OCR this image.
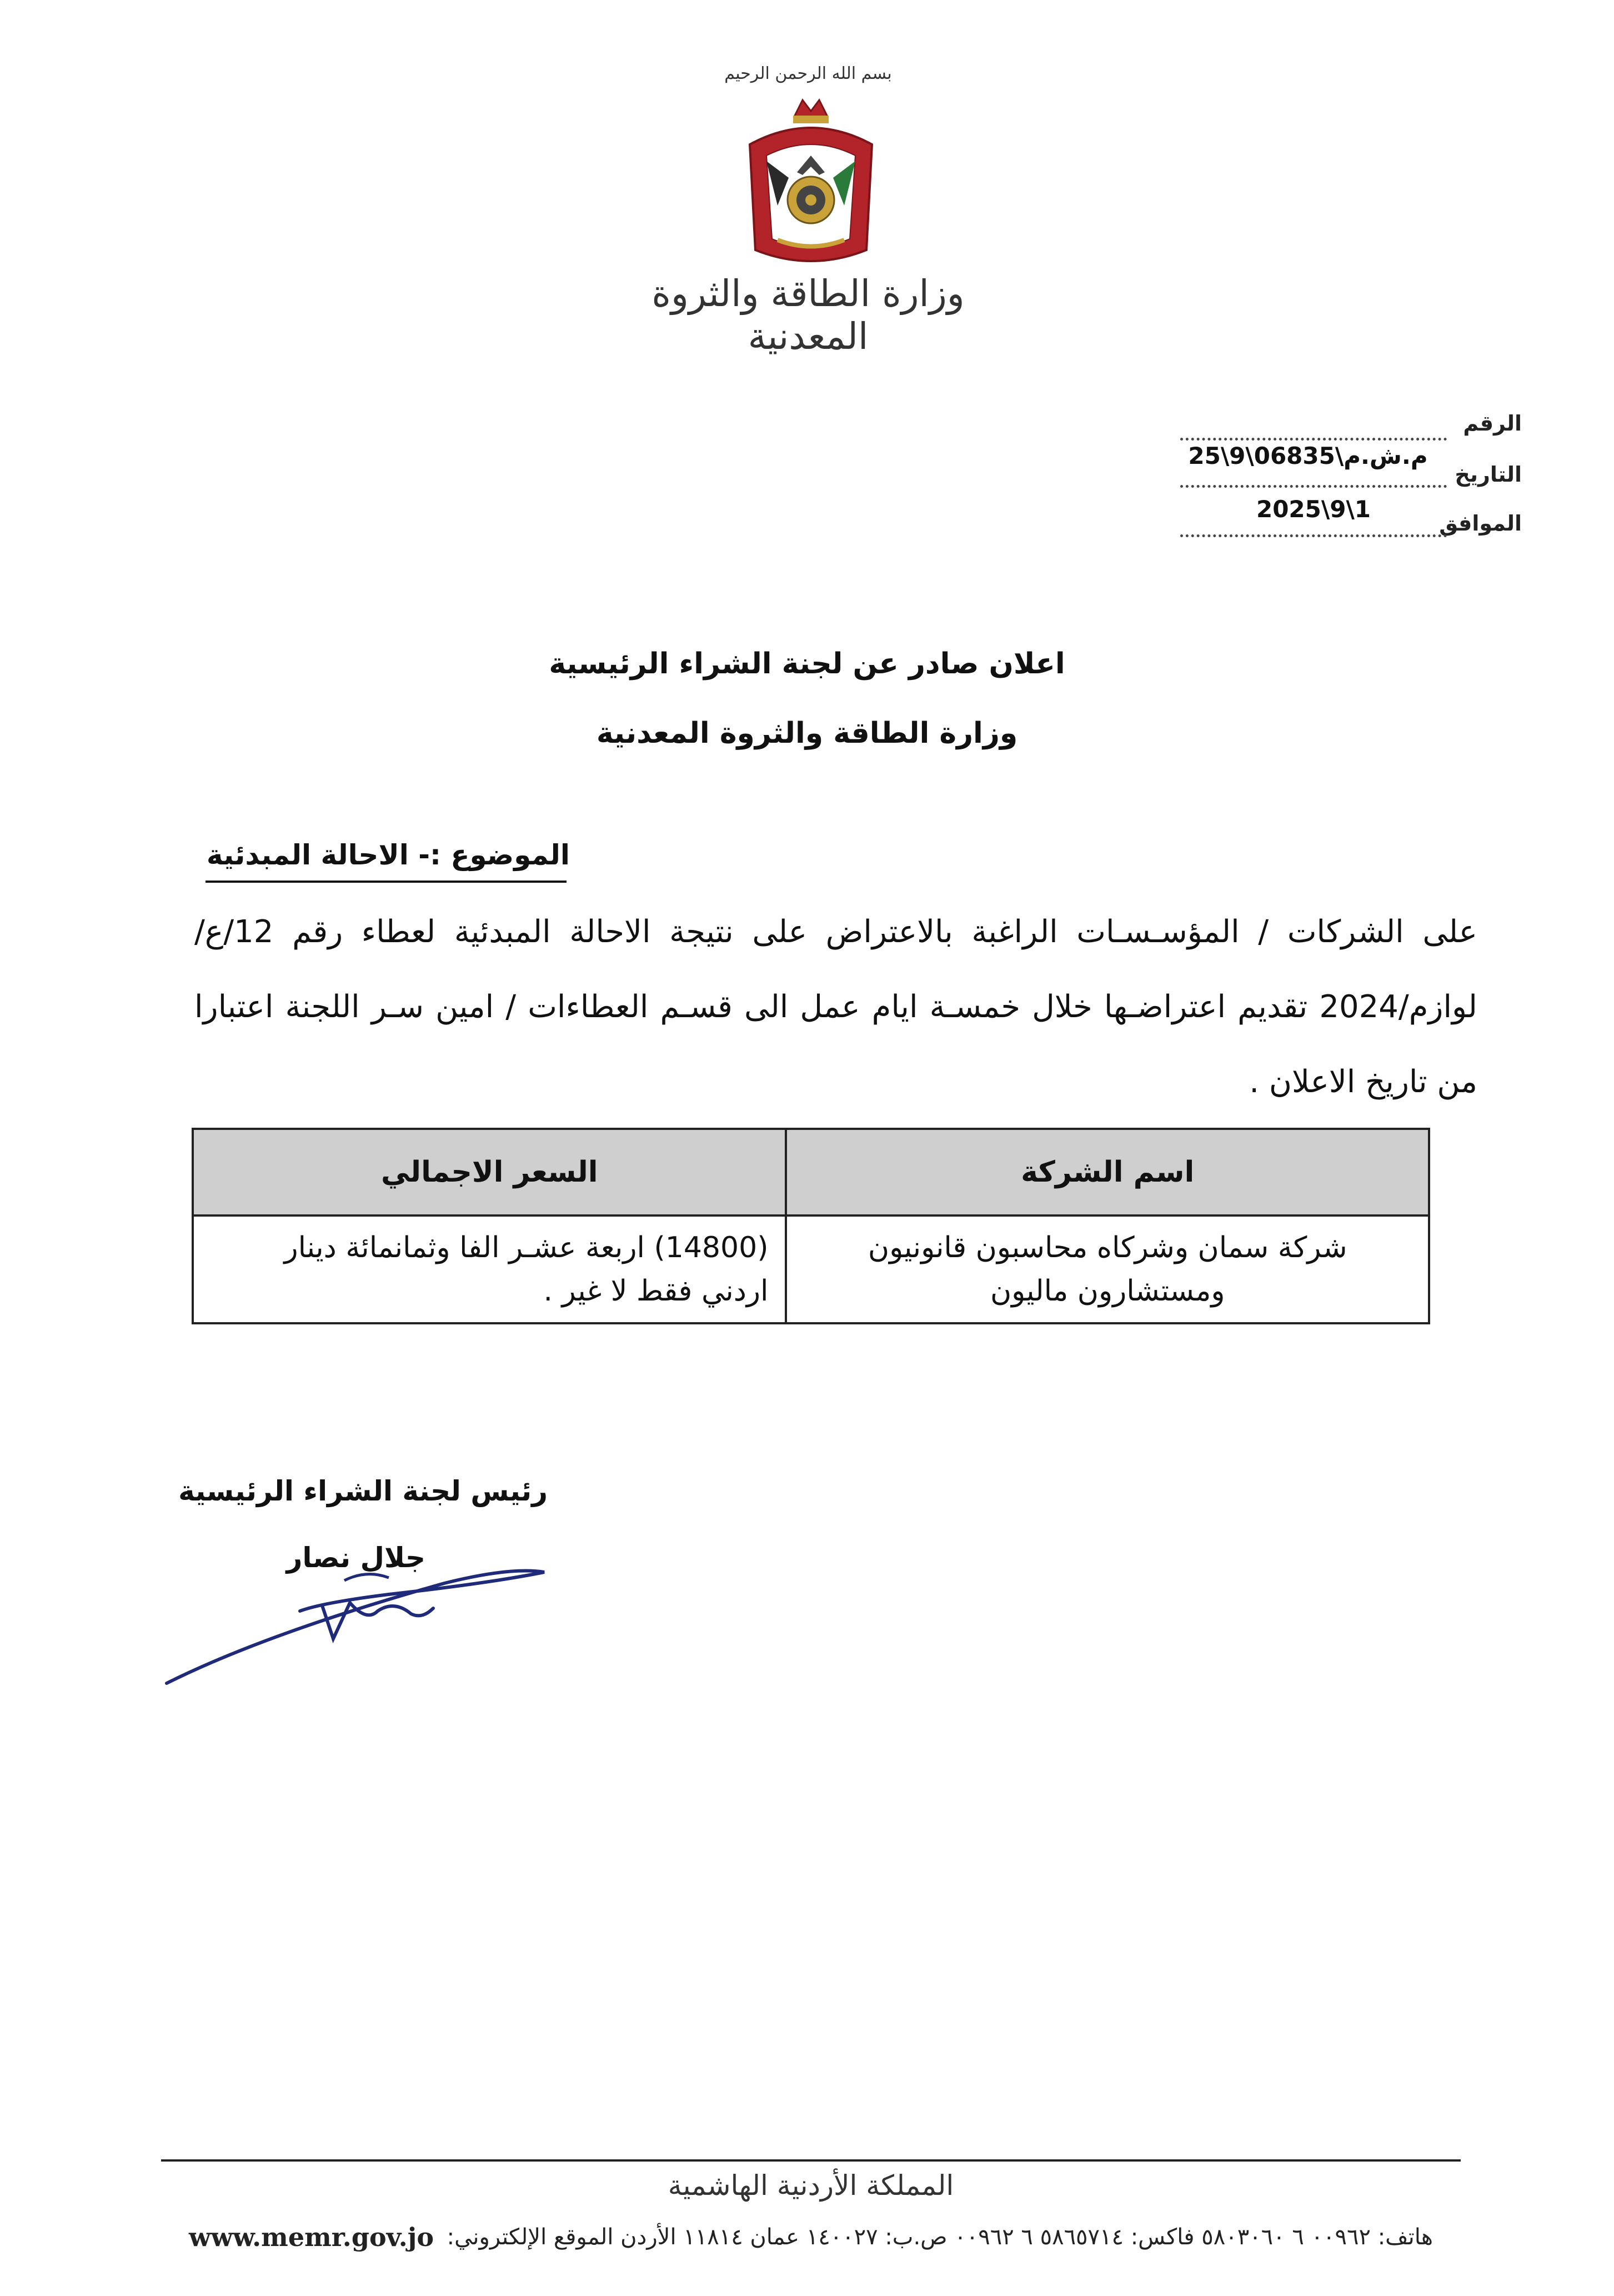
بسم الله الرحمن الرحيم
وزارة الطاقة والثروة المعدنية
الرقم
التاريخ
م.ش.م\06835\9\25
الموافق
2025\9\1
اعلان صادر عن لجنة الشراء الرئيسية
وزارة الطاقة والثروة المعدنية
الموضوع :- الاحالة المبدئية
على الشركات / المؤسـسـات الراغبة بالاعتراض على نتيجة الاحالة المبدئية لعطاء رقم 12/ع/لوازم/2024 تقديم اعتراضـها خلال خمسـة ايام عمل الى قسـم العطاءات / امين سـر اللجنة اعتبارا من تاريخ الاعلان .
اسم الشركة	السعر الاجمالي
شركة سمان وشركاه محاسبون قانونيون ومستشارون ماليون	(14800) اربعة عشـر الفا وثمانمائة دينار اردني فقط لا غير .
رئيس لجنة الشراء الرئيسية
جلال نصار
المملكة الأردنية الهاشمية
www.memr.gov.jo هاتف: ٠٠٩٦٢ ٦ ٥٨٠٣٠٦٠ فاكس: ٥٨٦٥٧١٤ ٦ ٠٠٩٦٢ ص.ب: ١٤٠٠٢٧ عمان ١١٨١٤ الأردن الموقع الإلكتروني:
